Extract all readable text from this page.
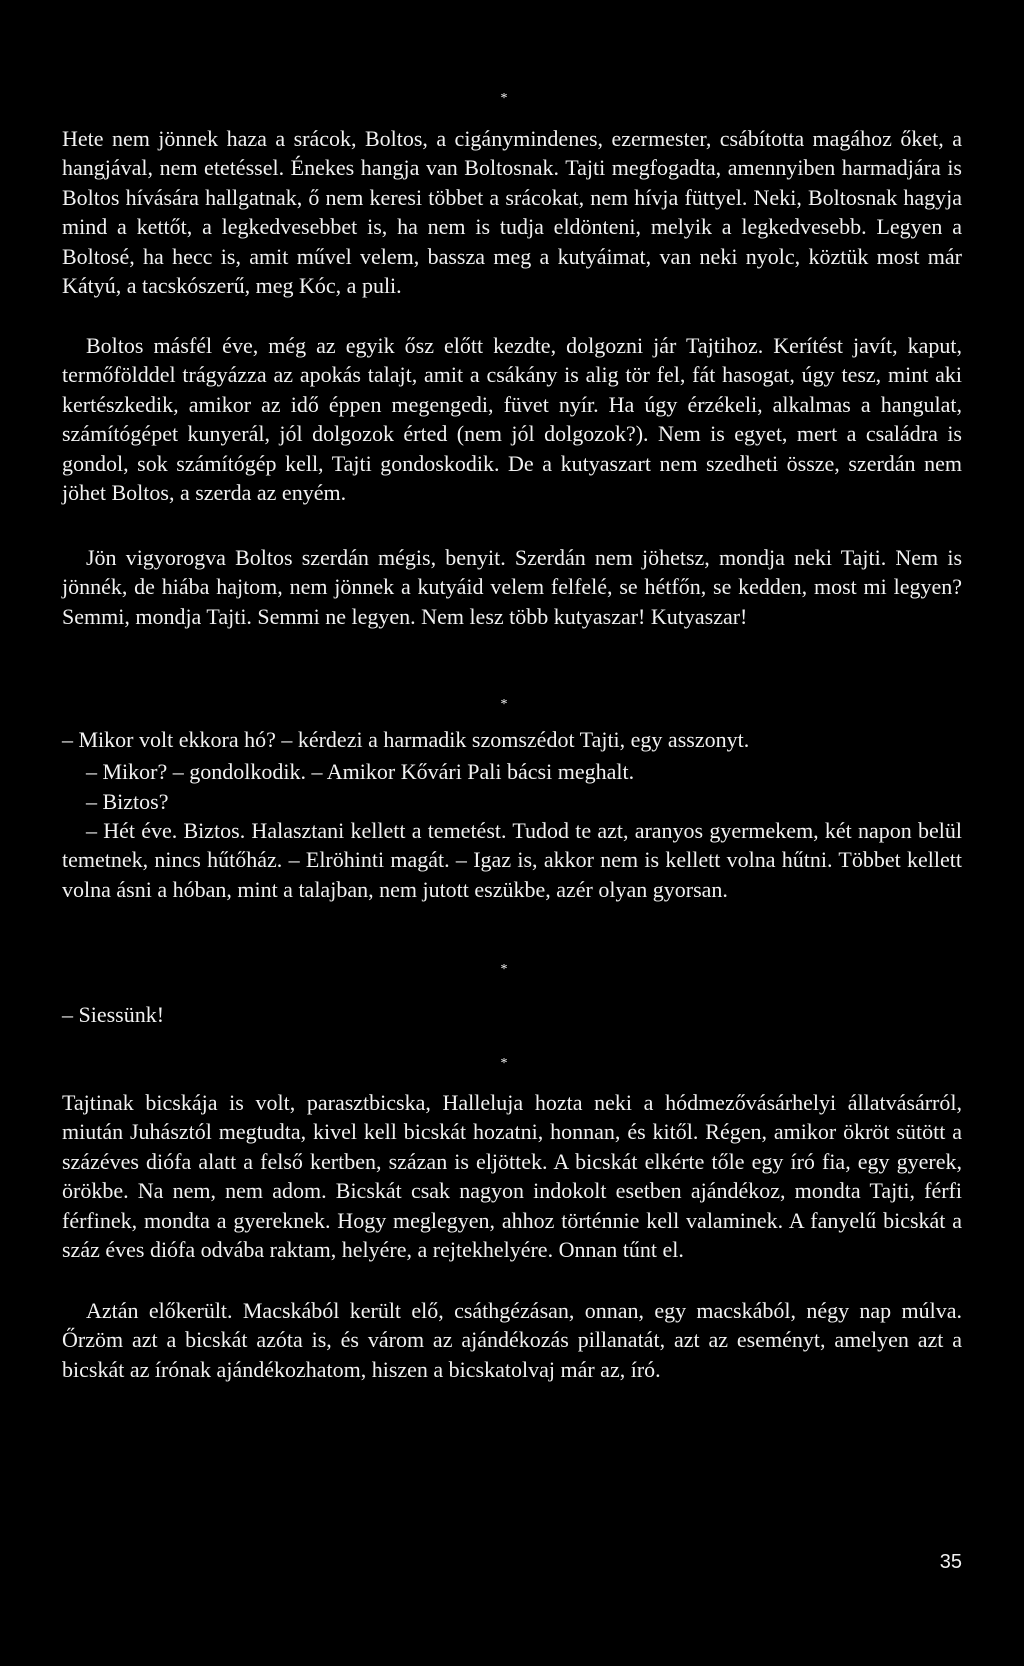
*

Hete nem jönnek haza a srácok, Boltos, a cigánymindenes, ezermester, csábította magához őket, a hangjával, nem etetéssel. Énekes hangja van Boltosnak. Tajti megfogadta, amennyiben harmadjára is Boltos hívására hallgatnak, ő nem keresi többet a srácokat, nem hívja füttyel. Neki, Boltosnak hagyja mind a kettőt, a legkedvesebbet is, ha nem is tudja eldönteni, melyik a legkedvesebb. Legyen a Boltosé, ha hecc is, amit művel velem, bassza meg a kutyáimat, van neki nyolc, köztük most már Kátyú, a tacskószerű, meg Kóc, a puli.

Boltos másfél éve, még az egyik ősz előtt kezdte, dolgozni jár Tajtihoz. Kerítést javít, kaput, termőfölddel trágyázza az apokás talajt, amit a csákány is alig tör fel, fát hasogat, úgy tesz, mint aki kertészkedik, amikor az idő éppen megengedi, füvet nyír. Ha úgy érzékeli, alkalmas a hangulat, számítógépet kunyerál, jól dolgozok érted (nem jól dolgozok?). Nem is egyet, mert a családra is gondol, sok számítógép kell, Tajti gondoskodik. De a kutyaszart nem szedheti össze, szerdán nem jöhet Boltos, a szerda az enyém.

Jön vigyorogva Boltos szerdán mégis, benyit. Szerdán nem jöhetsz, mondja neki Tajti. Nem is jönnék, de hiába hajtom, nem jönnek a kutyáid velem felfelé, se hétfőn, se kedden, most mi legyen? Semmi, mondja Tajti. Semmi ne legyen. Nem lesz több kutyaszar! Kutyaszar!

*

– Mikor volt ekkora hó? – kérdezi a harmadik szomszédot Tajti, egy asszonyt.

– Mikor? – gondolkodik. – Amikor Kővári Pali bácsi meghalt.

– Biztos?

– Hét éve. Biztos. Halasztani kellett a temetést. Tudod te azt, aranyos gyermekem, két napon belül temetnek, nincs hűtőház. – Elröhinti magát. – Igaz is, akkor nem is kellett volna hűtni. Többet kellett volna ásni a hóban, mint a talajban, nem jutott eszükbe, azér olyan gyorsan.

*

– Siessünk!

*

Tajtinak bicskája is volt, parasztbicska, Halleluja hozta neki a hódmezővásárhelyi állatvásárról, miután Juhásztól megtudta, kivel kell bicskát hozatni, honnan, és kitől. Régen, amikor ökröt sütött a százéves diófa alatt a felső kertben, százan is eljöttek. A bicskát elkérte tőle egy író fia, egy gyerek, örökbe. Na nem, nem adom. Bicskát csak nagyon indokolt esetben ajándékoz, mondta Tajti, férfi férfinek, mondta a gyereknek. Hogy meglegyen, ahhoz történnie kell valaminek. A fanyelű bicskát a száz éves diófa odvába raktam, helyére, a rejtekhelyére. Onnan tűnt el.

Aztán előkerült. Macskából került elő, csáthgézásan, onnan, egy macskából, négy nap múlva. Őrzöm azt a bicskát azóta is, és várom az ajándékozás pillanatát, azt az eseményt, amelyen azt a bicskát az írónak ajándékozhatom, hiszen a bicskatolvaj már az, író.

35
